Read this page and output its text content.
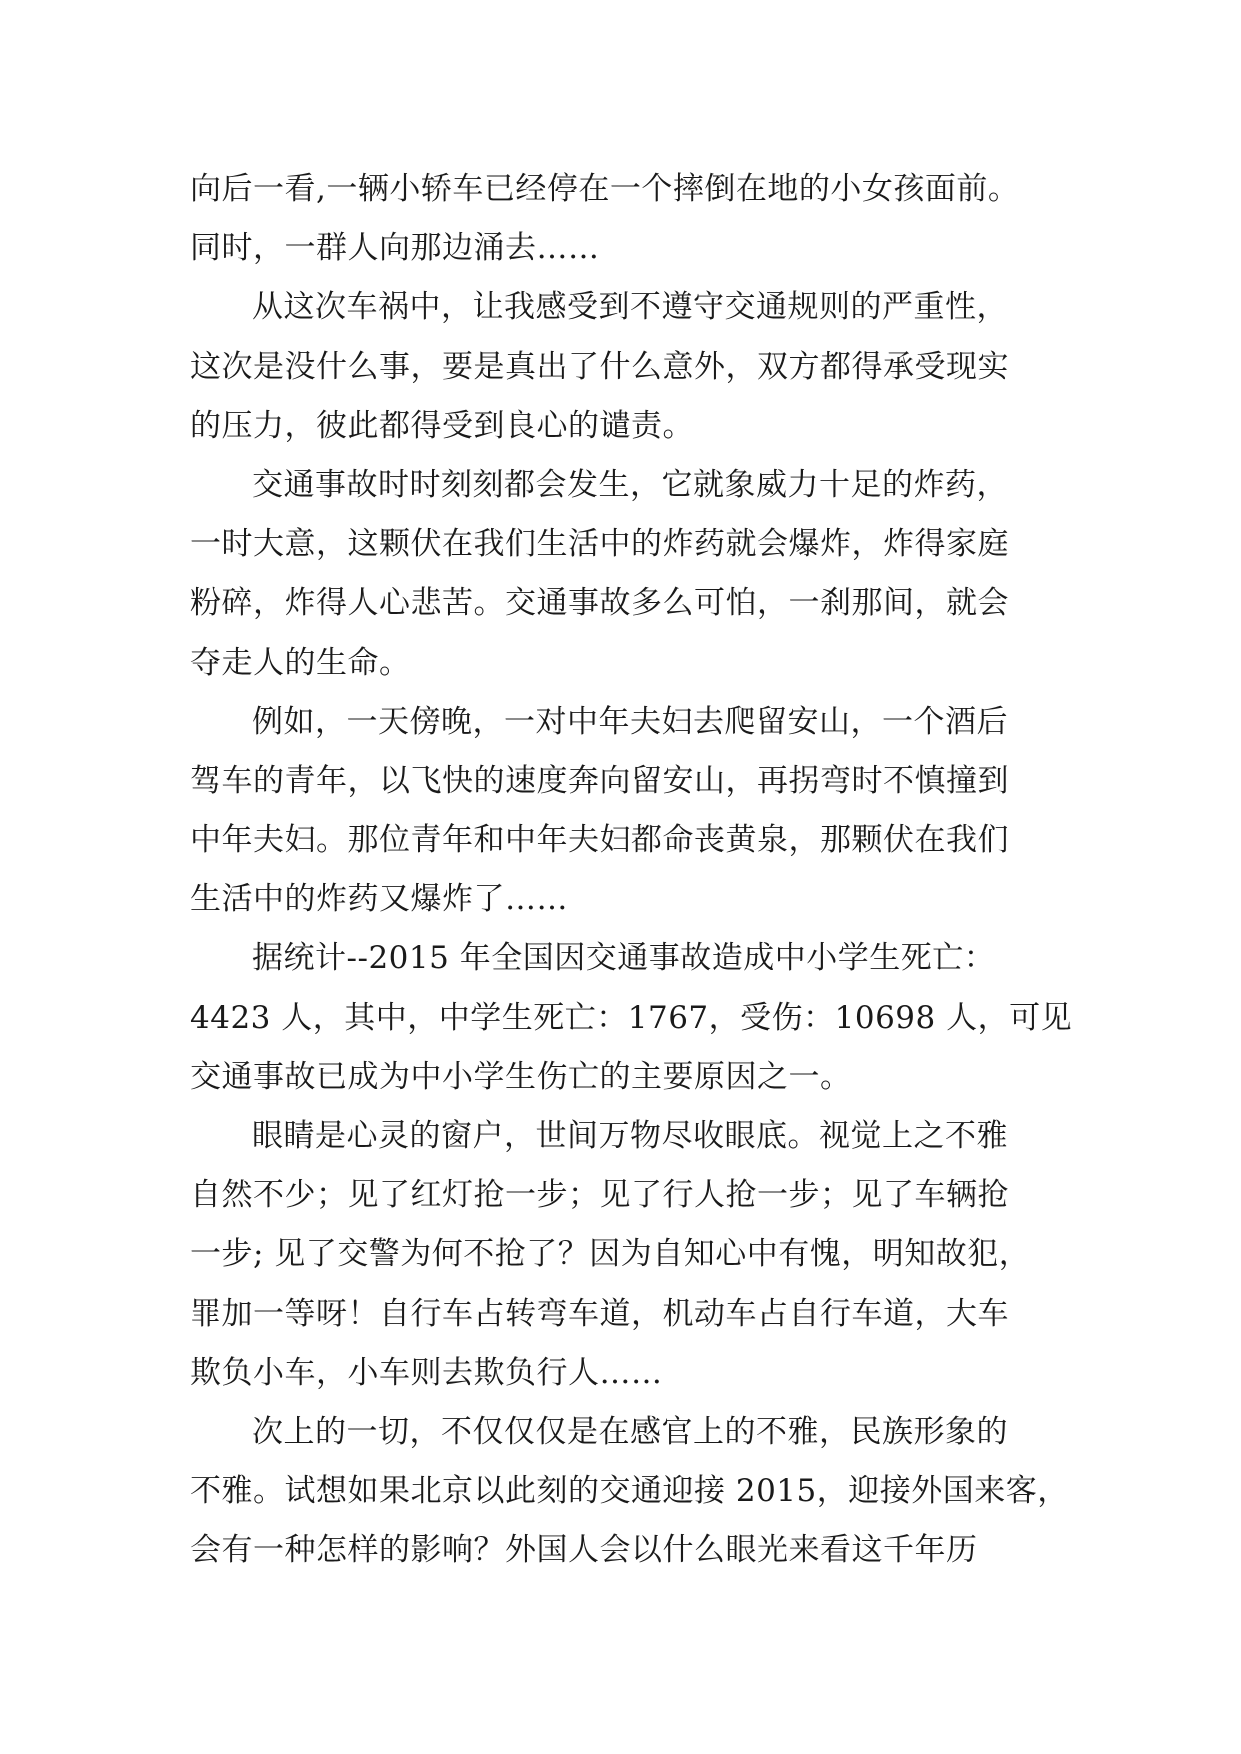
向后一看,一辆小轿车已经停在一个摔倒在地的小女孩面前。
同时，一群人向那边涌去……
从这次车祸中，让我感受到不遵守交通规则的严重性，
这次是没什么事，要是真出了什么意外，双方都得承受现实
的压力，彼此都得受到良心的谴责。
交通事故时时刻刻都会发生，它就象威力十足的炸药，
一时大意，这颗伏在我们生活中的炸药就会爆炸，炸得家庭
粉碎，炸得人心悲苦。交通事故多么可怕，一刹那间，就会
夺走人的生命。
例如，一天傍晚，一对中年夫妇去爬留安山，一个酒后
驾车的青年，以飞快的速度奔向留安山，再拐弯时不慎撞到
中年夫妇。那位青年和中年夫妇都命丧黄泉，那颗伏在我们
生活中的炸药又爆炸了……
据统计--2015 年全国因交通事故造成中小学生死亡：
4423 人，其中，中学生死亡：1767，受伤：10698 人，可见
交通事故已成为中小学生伤亡的主要原因之一。
眼睛是心灵的窗户，世间万物尽收眼底。视觉上之不雅
自然不少；见了红灯抢一步；见了行人抢一步；见了车辆抢
一步; 见了交警为何不抢了？因为自知心中有愧，明知故犯，
罪加一等呀！自行车占转弯车道，机动车占自行车道，大车
欺负小车，小车则去欺负行人……
次上的一切，不仅仅仅是在感官上的不雅，民族形象的
不雅。试想如果北京以此刻的交通迎接 2015，迎接外国来客，
会有一种怎样的影响？外国人会以什么眼光来看这千年历
